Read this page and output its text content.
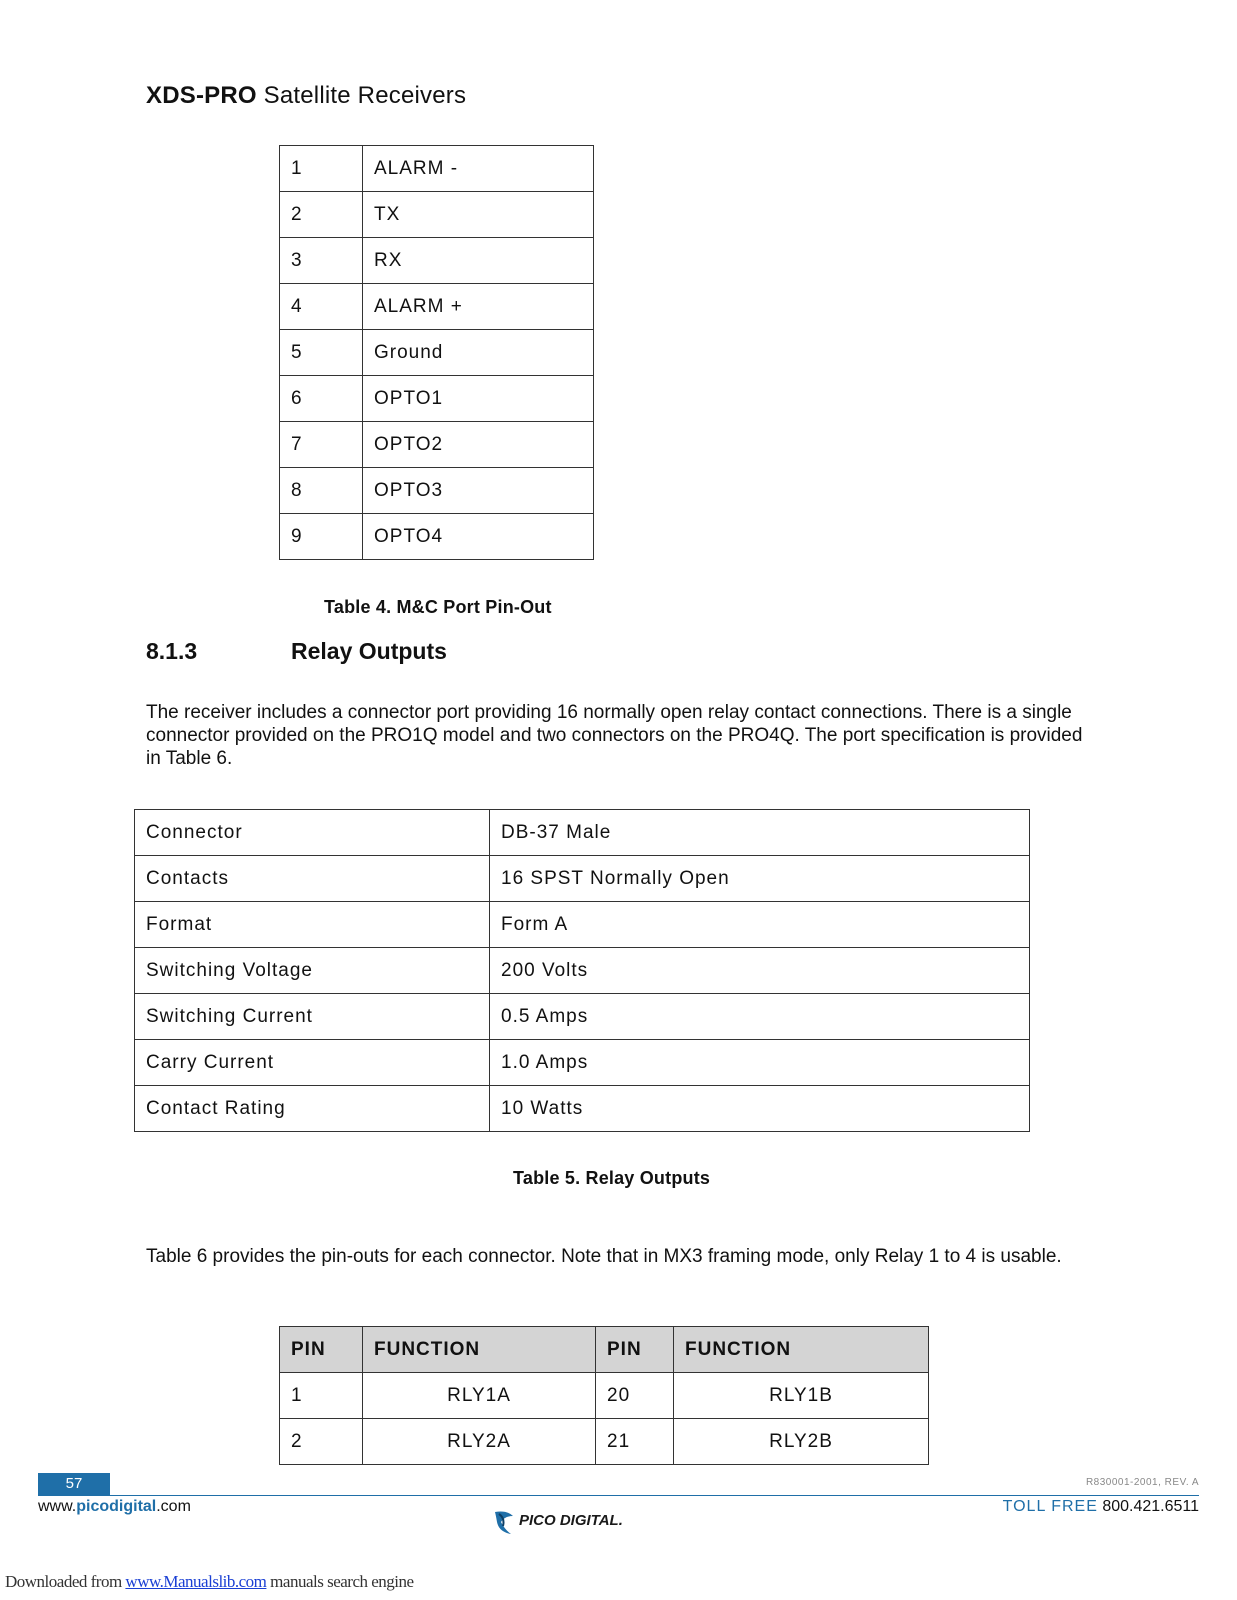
XDS-PRO Satellite Receivers
1	ALARM -
2	TX
3	RX
4	ALARM +
5	Ground
6	OPTO1
7	OPTO2
8	OPTO3
9	OPTO4
Table 4. M&C Port Pin-Out
8.1.3	Relay Outputs
The receiver includes a connector port providing 16 normally open relay contact connections. There is a single connector provided on the PRO1Q model and two connectors on the PRO4Q. The port specification is provided in Table 6.
Connector	DB-37 Male
Contacts	16 SPST Normally Open
Format	Form A
Switching Voltage	200 Volts
Switching Current	0.5 Amps
Carry Current	1.0 Amps
Contact Rating	10 Watts
Table 5. Relay Outputs
Table 6 provides the pin-outs for each connector. Note that in MX3 framing mode, only Relay 1 to 4 is usable.
PIN	FUNCTION	PIN	FUNCTION
1	RLY1A	20	RLY1B
2	RLY2A	21	RLY2B
57	R830001-2001, REV. A
www.picodigital.com	TOLL FREE 800.421.6511
PICO DIGITAL.
Downloaded from www.Manualslib.com manuals search engine
